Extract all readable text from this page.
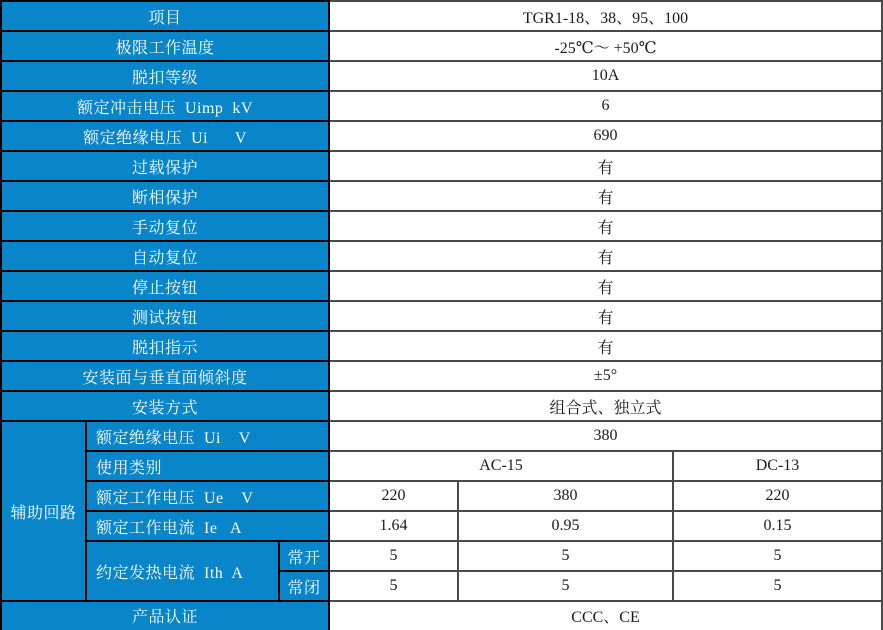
项目			TGR1-18、38、95、100		
极限工作温度			-25℃～ +50℃		
脱扣等级			10A		
额定冲击电压  Uimp  kV			6		
额定绝缘电压  Ui      V			690		
过载保护			有		
断相保护			有		
手动复位			有		
自动复位			有		
停止按钮			有		
测试按钮			有		
脱扣指示			有		
安装面与垂直面倾斜度			±5°		
安装方式			组合式、独立式		
辅助回路	额定绝缘电压  Ui    V		380		
	使用类别		AC-15		DC-13
	额定工作电压  Ue    V		220	380	220
	额定工作电流  Ie   A		1.64	0.95	0.15
	约定发热电流  Ith  A	常开	5	5	5
		常闭	5	5	5
产品认证			CCC、CE		
